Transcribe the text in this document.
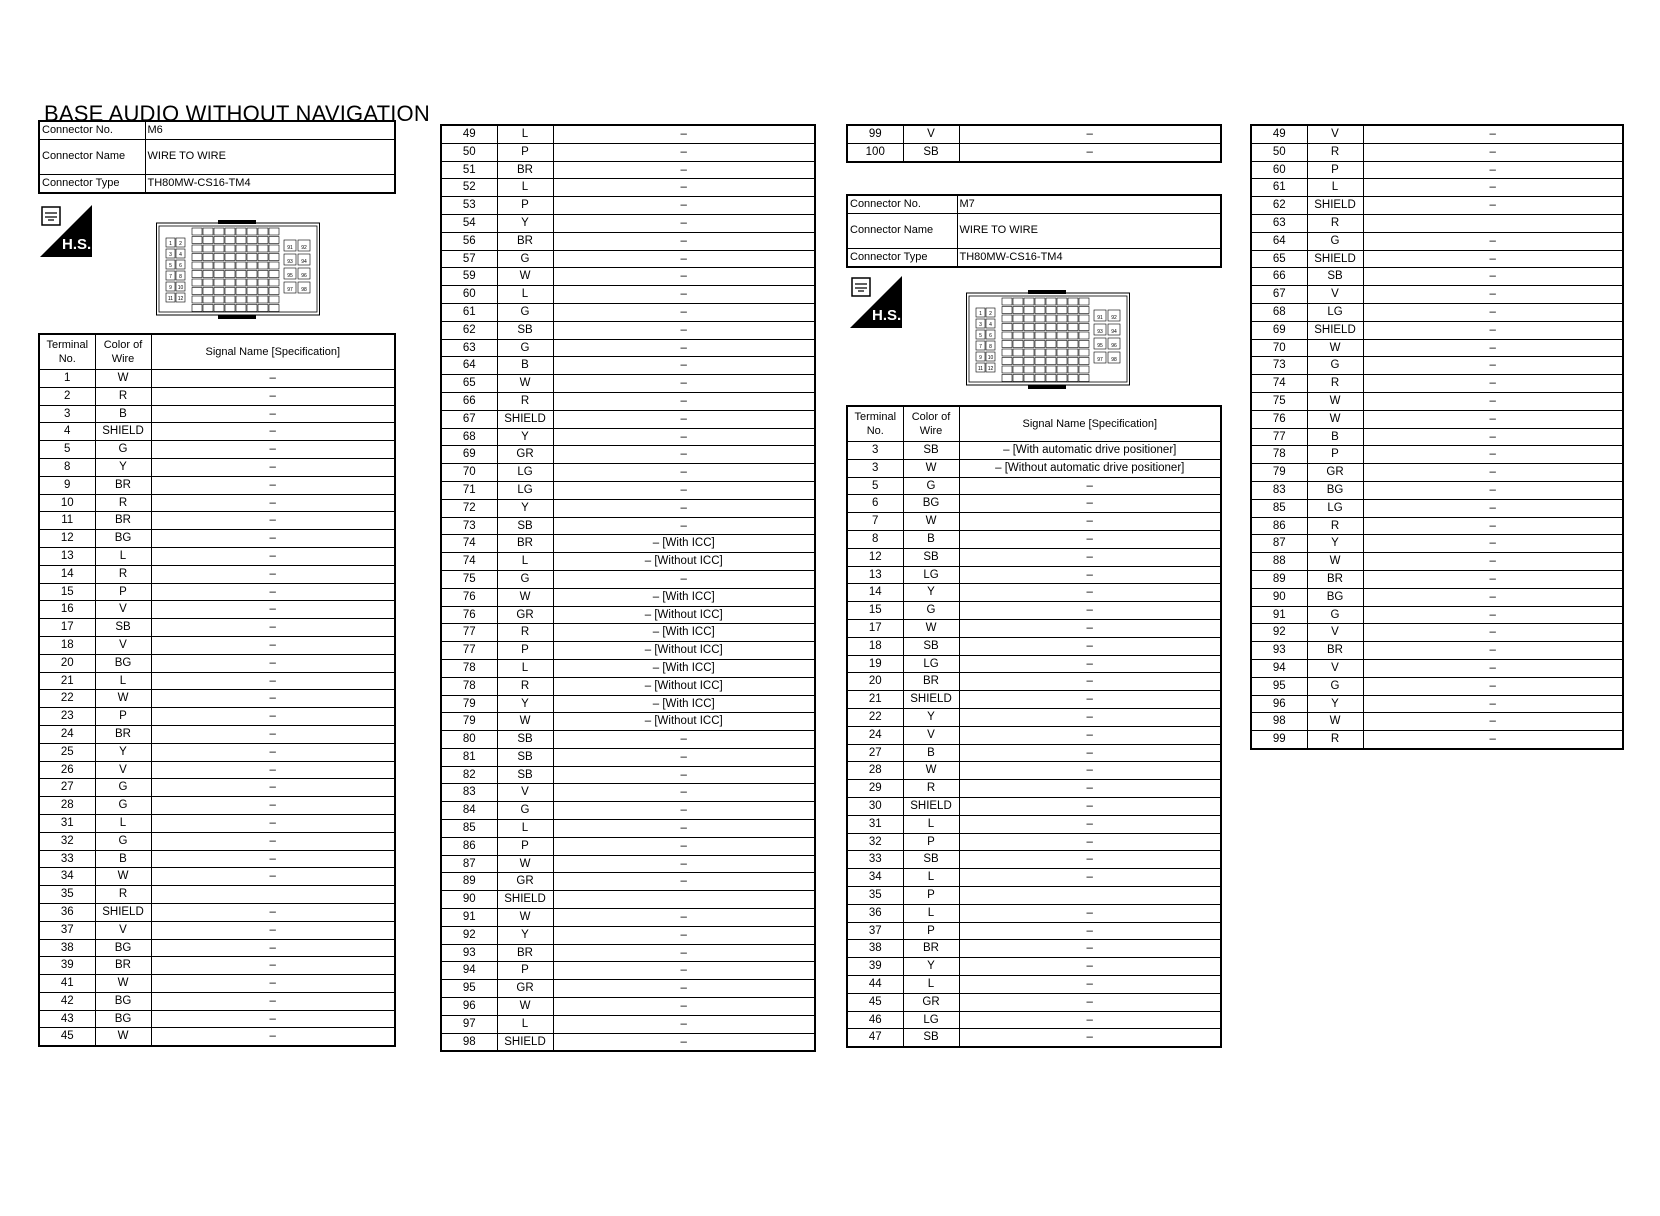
BASE AUDIO WITHOUT NAVIGATION
Connector No.	M6
Connector Name	WIRE TO WIRE
Connector Type	TH80MW-CS16-TM4
H.S.	1 2
3 4
5 6
7 8
9 10
11 12
91 92
93 94
95 96
97 98
Terminal No.	Color of Wire	Signal Name [Specification]
1	W	–
2	R	–
3	B	–
4	SHIELD	–
5	G	–
8	Y	–
9	BR	–
10	R	–
11	BR	–
12	BG	–
13	L	–
14	R	–
15	P	–
16	V	–
17	SB	–
18	V	–
20	BG	–
21	L	–
22	W	–
23	P	–
24	BR	–
25	Y	–
26	V	–
27	G	–
28	G	–
31	L	–
32	G	–
33	B	–
34	W	–
35	R	
36	SHIELD	–
37	V	–
38	BG	–
39	BR	–
41	W	–
42	BG	–
43	BG	–
45	W	–
49	L	–
50	P	–
51	BR	–
52	L	–
53	P	–
54	Y	–
56	BR	–
57	G	–
59	W	–
60	L	–
61	G	–
62	SB	–
63	G	–
64	B	–
65	W	–
66	R	–
67	SHIELD	–
68	Y	–
69	GR	–
70	LG	–
71	LG	–
72	Y	–
73	SB	–
74	BR	– [With ICC]
74	L	– [Without ICC]
75	G	–
76	W	– [With ICC]
76	GR	– [Without ICC]
77	R	– [With ICC]
77	P	– [Without ICC]
78	L	– [With ICC]
78	R	– [Without ICC]
79	Y	– [With ICC]
79	W	– [Without ICC]
80	SB	–
81	SB	–
82	SB	–
83	V	–
84	G	–
85	L	–
86	P	–
87	W	–
89	GR	–
90	SHIELD	
91	W	–
92	Y	–
93	BR	–
94	P	–
95	GR	–
96	W	–
97	L	–
98	SHIELD	–
99	V	–
100	SB	–
Connector No.	M7
Connector Name	WIRE TO WIRE
Connector Type	TH80MW-CS16-TM4
H.S.	1 2
3 4
5 6
7 8
9 10
11 12
91 92
93 94
95 96
97 98
Terminal No.	Color of Wire	Signal Name [Specification]
3	SB	– [With automatic drive positioner]
3	W	– [Without automatic drive positioner]
5	G	–
6	BG	–
7	W	–
8	B	–
12	SB	–
13	LG	–
14	Y	–
15	G	–
17	W	–
18	SB	–
19	LG	–
20	BR	–
21	SHIELD	–
22	Y	–
24	V	–
27	B	–
28	W	–
29	R	–
30	SHIELD	–
31	L	–
32	P	–
33	SB	–
34	L	–
35	P	
36	L	–
37	P	–
38	BR	–
39	Y	–
44	L	–
45	GR	–
46	LG	–
47	SB	–
49	V	–
50	R	–
60	P	–
61	L	–
62	SHIELD	–
63	R	
64	G	–
65	SHIELD	–
66	SB	–
67	V	–
68	LG	–
69	SHIELD	–
70	W	–
73	G	–
74	R	–
75	W	–
76	W	–
77	B	–
78	P	–
79	GR	–
83	BG	–
85	LG	–
86	R	–
87	Y	–
88	W	–
89	BR	–
90	BG	–
91	G	–
92	V	–
93	BR	–
94	V	–
95	G	–
96	Y	–
98	W	–
99	R	–
